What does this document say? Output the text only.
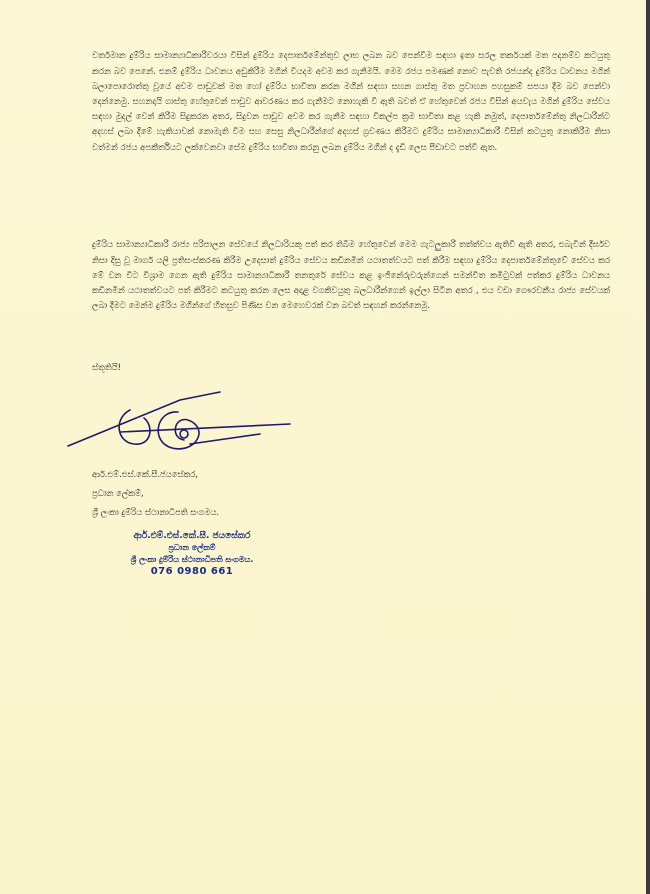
වර්තමාන දුම්රිය සාමාන්‍යාධිකාරීවරයා විසින් දුම්රිය දෙපාර්තමේන්තුව ලාභ ලබන බව පෙන්වීම සඳහා ඉතා සරල තර්කයක් මත පදනම්ව කටයුතු කරන බව පෙනේ. එනම් දුම්රිය ධාවනය අඩුකිරීම මගින් වියදම අවම කර ගැනීමයි. මෙම රජය පමණක් නොව පැවති රජයන්ද දුම්රිය ධාවනය මගින් බලාපොරොත්තු වූයේ අවම පාඩුවක් මත හෝ දුම්රිය භාවිතා කරන මගීන් සඳහා සහන ගාස්තු මත ප්‍රවාහන පහසුකම් සපයා දීම බව පෙන්වා දෙන්නෙමු. සහනදායි ගාස්තු හේතුවෙන් පාඩුව ආවරණය කර ගැනීමට නොහැකි වී ඇති බවත් ඒ හේතුවෙන් රජය විසින් අයවැය මගින් දුම්රිය සේවය සඳහා මුදල් වෙන් කිරීම සිදුකරන අතර, සිදුවන පාඩුව අවම කර ගැනීම සඳහා විකල්ප ක්‍රම භාවිතා කළ හැකි නමුත්, දෙපාර්තමේන්තු නිලධාරීන්ට අදහස් ලබා දීමේ හැකියාවක් නොමැති වීම සහ සෙසු නිලධාරීන්ගේ අදහස් ග්‍රවණය කිරීමට දුම්රිය සාමාන්‍යාධිකාරී විසින් කටයුතු නොකිරීම නිසා වත්මන් රජය අපකීර්තියට ලක්වෙනවා සේම දුම්රිය භාවිතා කරනු ලබන දුම්රිය මගීන් ද දැඩි ලෙස පීඩාවට පත්වී ඇත.

දුම්රිය සාමාන්‍යාධිකාරී රාජ්‍ය පරිපාලන සේවයේ නිලධාරියකු පත් කර තිබීම හේතුවෙන් මෙම ගැටලුකාරී තත්ත්වය ඇතිවී ඇති අතර, එබැවින් දීර්ඝව නිසා දිසු වූ මාර්ග යලි ප්‍රතිසංස්කරණ කිරීම උදෙසාත් දුම්රිය සේවය කඩිනමින් යථාතත්වයට පත් කිරීම සඳහා දුම්රිය දෙපාර්තමේන්තුවේ සේවය කර මේ වන විට විශ්‍රාම ගෙන ඇති දුම්රිය සාමාන්‍යාධිකාරී තනතුරේ සේවය කළ ඉංජිනේරුවරුන්ගෙන් සමන්විත කමිටුවක් පත්කර දුම්රිය ධාවනය කඩිනමින් යථාතත්වයට පත් කිරීමට කටයුතු කරන ලෙස අදාළ වගකිවයුතු බලධාරීන්ගෙන් ඉල්ලා සිටින අතර , එය වඩා ගෞරවනීය රාජ්‍ය සේවයක් ලබා දීමට මෙන්ම දුම්රිය මගීන්ගේ හිතසුව පිණිස වන මෙහෙවරක් වන බවත් සඳහන් කරන්නෙමු.

ස්තූතියි!
ආර්.එම්.එස්.කේ.සී.ජයසේකර,
ප්‍රධාන ලේකම්,
ශ්‍රී ලංකා දුම්රිය ස්ථානාධිපති සංගමය.
ආර්.එම්.එස්.කේ.සී. ජයසේකර
ප්‍රධාන ලේකම්
ශ්‍රී ලංකා දුම්රිය ස්ථානාධිපති සංගමය.
076 0980 661
